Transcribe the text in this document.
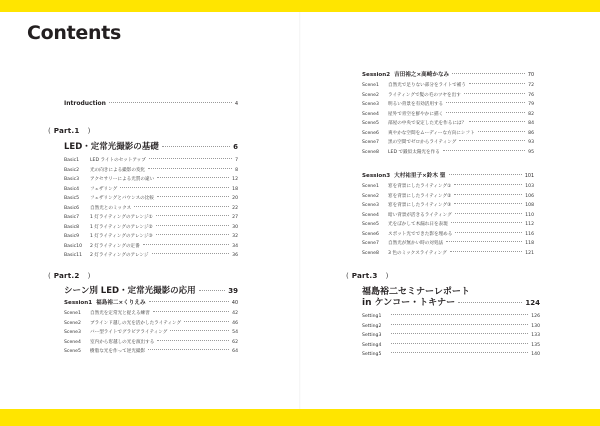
Contents
Introduction	4
( Part.1 )
LED・定常光撮影の基礎	6
Basic1	LED ライトのセットアップ	7
Basic2	光の向きによる撮影の変化	8
Basic3	アクセサリーによる光質の違い	12
Basic4	フェザリング	18
Basic5	フェザリングとバウンスの比較	20
Basic6	自然光とのミックス	22
Basic7	1 灯ライティングのアレンジ①	27
Basic8	1 灯ライティングのアレンジ②	30
Basic9	1 灯ライティングのアレンジ③	32
Basic10	2 灯ライティングの定番	34
Basic11	2 灯ライティングのアレンジ	36
( Part.2 )
シーン別 LED・定常光撮影の応用	39
Session1 福島裕二×くりえみ	40
Scene1	自然光を定常光と捉える練習	42
Scene2	ブラインド越しの光を活かしたライティング	46
Scene3	バー型ライトでグラビアライティング	54
Scene4	室内から窓越しの光を演出する	62
Scene5	樹脂な光を作って逆光撮影	64
Session2 吉田裕之×高崎かなみ	70
Scene1	自然光で足りない部分をライトで補う	72
Scene2	ライティングで髪の毛のツヤを出す	76
Scene3	明るい背景を有効活用する	79
Scene4	屋外で青空を鮮やかに描く	82
Scene5	部屋の中央で安定した光を作るには？	84
Scene6	爽やかな空間をムーディーな方向にシフト	86
Scene7	黒の空間でゼロからライティング	93
Scene8	LED で鍛似太陽光を作る	95
Session3 大村祐里子×鈴木 聖	101
Scene1	窓を背景にしたライティング①	103
Scene2	窓を背景にしたライティング②	106
Scene3	窓を背景にしたライティング③	108
Scene4	暗い背景が活きるライティング	110
Scene5	光をぼかして木漏れ日を表現	112
Scene6	スポット光でできた影を埋める	116
Scene7	自然光が無かい時の対処法	118
Scene8	3 色のミックスライティング	121
( Part.3 )
福島裕二セミナーレポート
in ケンコー・トキナー	124
Setting1	126
Setting2	130
Setting3	133
Setting4	135
Setting5	140
